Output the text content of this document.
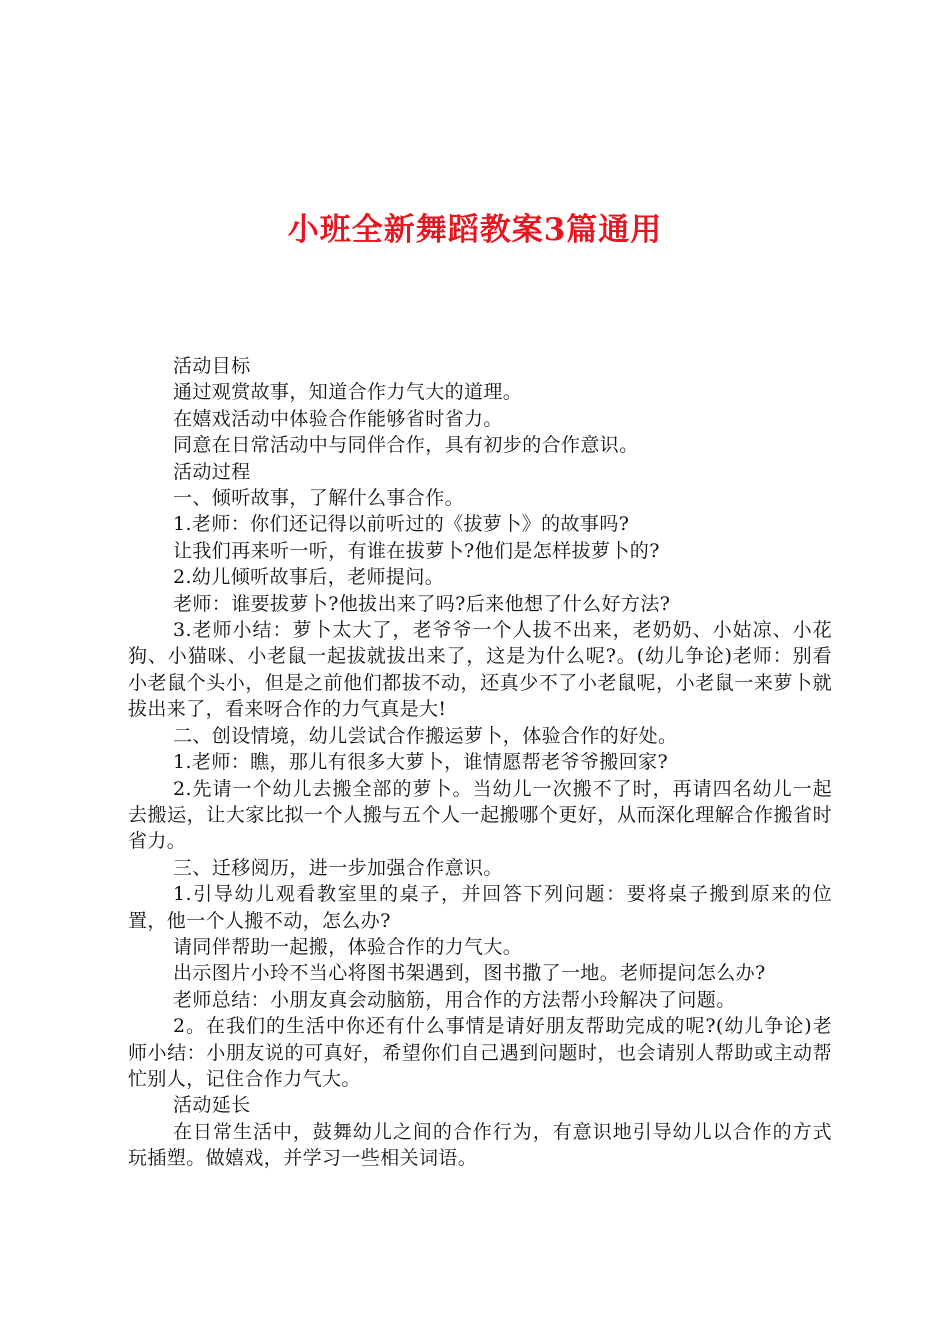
小班全新舞蹈教案3篇通用

活动目标

通过观赏故事，知道合作力气大的道理。

在嬉戏活动中体验合作能够省时省力。

同意在日常活动中与同伴合作，具有初步的合作意识。

活动过程

一、倾听故事，了解什么事合作。

1.老师：你们还记得以前听过的《拔萝卜》的故事吗?

让我们再来听一听，有谁在拔萝卜?他们是怎样拔萝卜的?

2.幼儿倾听故事后，老师提问。

老师：谁要拔萝卜?他拔出来了吗?后来他想了什么好方法?

3.老师小结：萝卜太大了，老爷爷一个人拔不出来，老奶奶、小姑凉、小花狗、小猫咪、小老鼠一起拔就拔出来了，这是为什么呢?。(幼儿争论)老师：别看小老鼠个头小，但是之前他们都拔不动，还真少不了小老鼠呢，小老鼠一来萝卜就拔出来了，看来呀合作的力气真是大!

二、创设情境，幼儿尝试合作搬运萝卜，体验合作的好处。

1.老师：瞧，那儿有很多大萝卜，谁情愿帮老爷爷搬回家?

2.先请一个幼儿去搬全部的萝卜。当幼儿一次搬不了时，再请四名幼儿一起去搬运，让大家比拟一个人搬与五个人一起搬哪个更好，从而深化理解合作搬省时省力。

三、迁移阅历，进一步加强合作意识。

1.引导幼儿观看教室里的桌子，并回答下列问题：要将桌子搬到原来的位置，他一个人搬不动，怎么办?

请同伴帮助一起搬，体验合作的力气大。

出示图片小玲不当心将图书架遇到，图书撒了一地。老师提问怎么办?

老师总结：小朋友真会动脑筋，用合作的方法帮小玲解决了问题。

2。在我们的生活中你还有什么事情是请好朋友帮助完成的呢?(幼儿争论)老师小结：小朋友说的可真好，希望你们自己遇到问题时，也会请别人帮助或主动帮忙别人，记住合作力气大。

活动延长

在日常生活中，鼓舞幼儿之间的合作行为，有意识地引导幼儿以合作的方式玩插塑。做嬉戏，并学习一些相关词语。
